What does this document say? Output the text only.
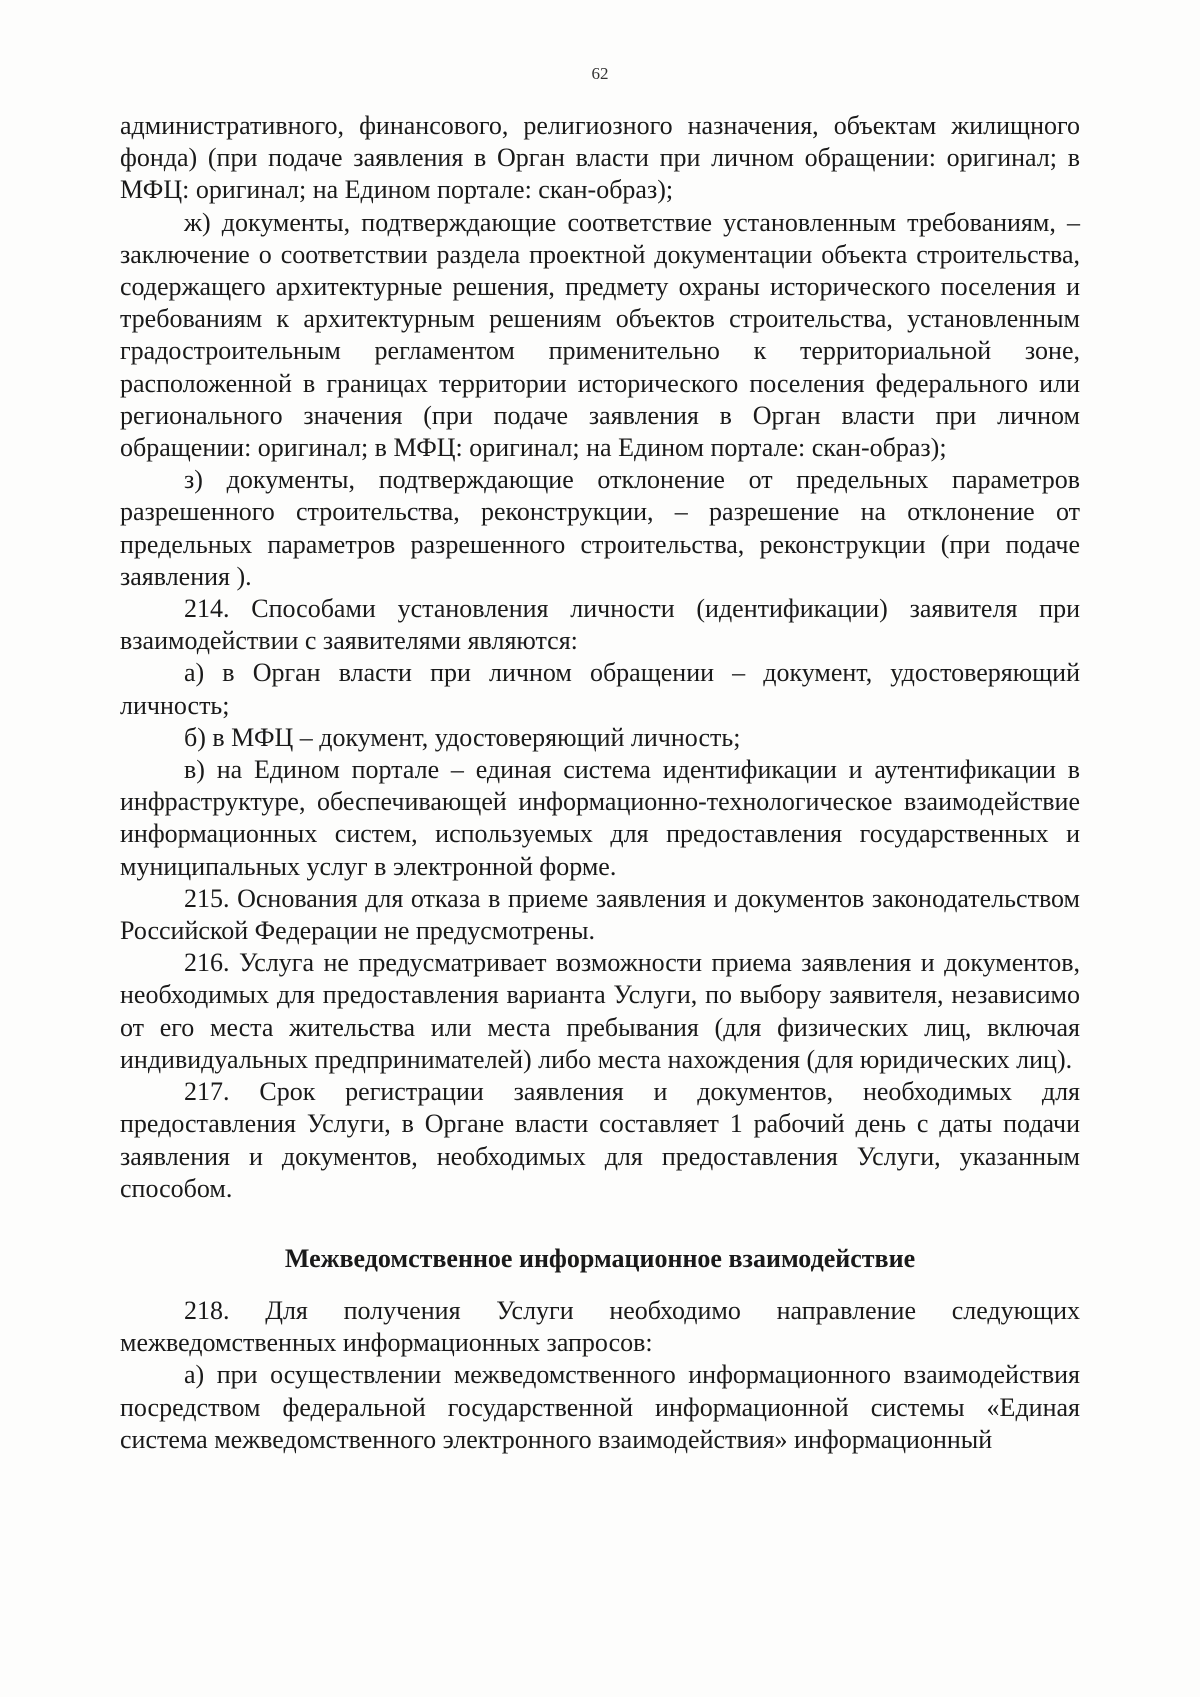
62

административного, финансового, религиозного назначения, объектам жилищного фонда) (при подаче заявления в Орган власти при личном обращении: оригинал; в МФЦ: оригинал; на Едином портале: скан-образ);

ж) документы, подтверждающие соответствие установленным требованиям, – заключение о соответствии раздела проектной документации объекта строительства, содержащего архитектурные решения, предмету охраны исторического поселения и требованиям к архитектурным решениям объектов строительства, установленным градостроительным регламентом применительно к территориальной зоне, расположенной в границах территории исторического поселения федерального или регионального значения (при подаче заявления в Орган власти при личном обращении: оригинал; в МФЦ: оригинал; на Едином портале: скан-образ);

з) документы, подтверждающие отклонение от предельных параметров разрешенного строительства, реконструкции, – разрешение на отклонение от предельных параметров разрешенного строительства, реконструкции (при подаче заявления ).

214. Способами установления личности (идентификации) заявителя при взаимодействии с заявителями являются:

а) в Орган власти при личном обращении – документ, удостоверяющий личность;

б) в МФЦ – документ, удостоверяющий личность;

в) на Едином портале – единая система идентификации и аутентификации в инфраструктуре, обеспечивающей информационно-технологическое взаимодействие информационных систем, используемых для предоставления государственных и муниципальных услуг в электронной форме.

215. Основания для отказа в приеме заявления и документов законодательством Российской Федерации не предусмотрены.

216. Услуга не предусматривает возможности приема заявления и документов, необходимых для предоставления варианта Услуги, по выбору заявителя, независимо от его места жительства или места пребывания (для физических лиц, включая индивидуальных предпринимателей) либо места нахождения (для юридических лиц).

217. Срок регистрации заявления и документов, необходимых для предоставления Услуги, в Органе власти составляет 1 рабочий день с даты подачи заявления и документов, необходимых для предоставления Услуги, указанным способом.

Межведомственное информационное взаимодействие

218. Для получения Услуги необходимо направление следующих межведомственных информационных запросов:

а) при осуществлении межведомственного информационного взаимодействия посредством федеральной государственной информационной системы «Единая система межведомственного электронного взаимодействия» информационный
